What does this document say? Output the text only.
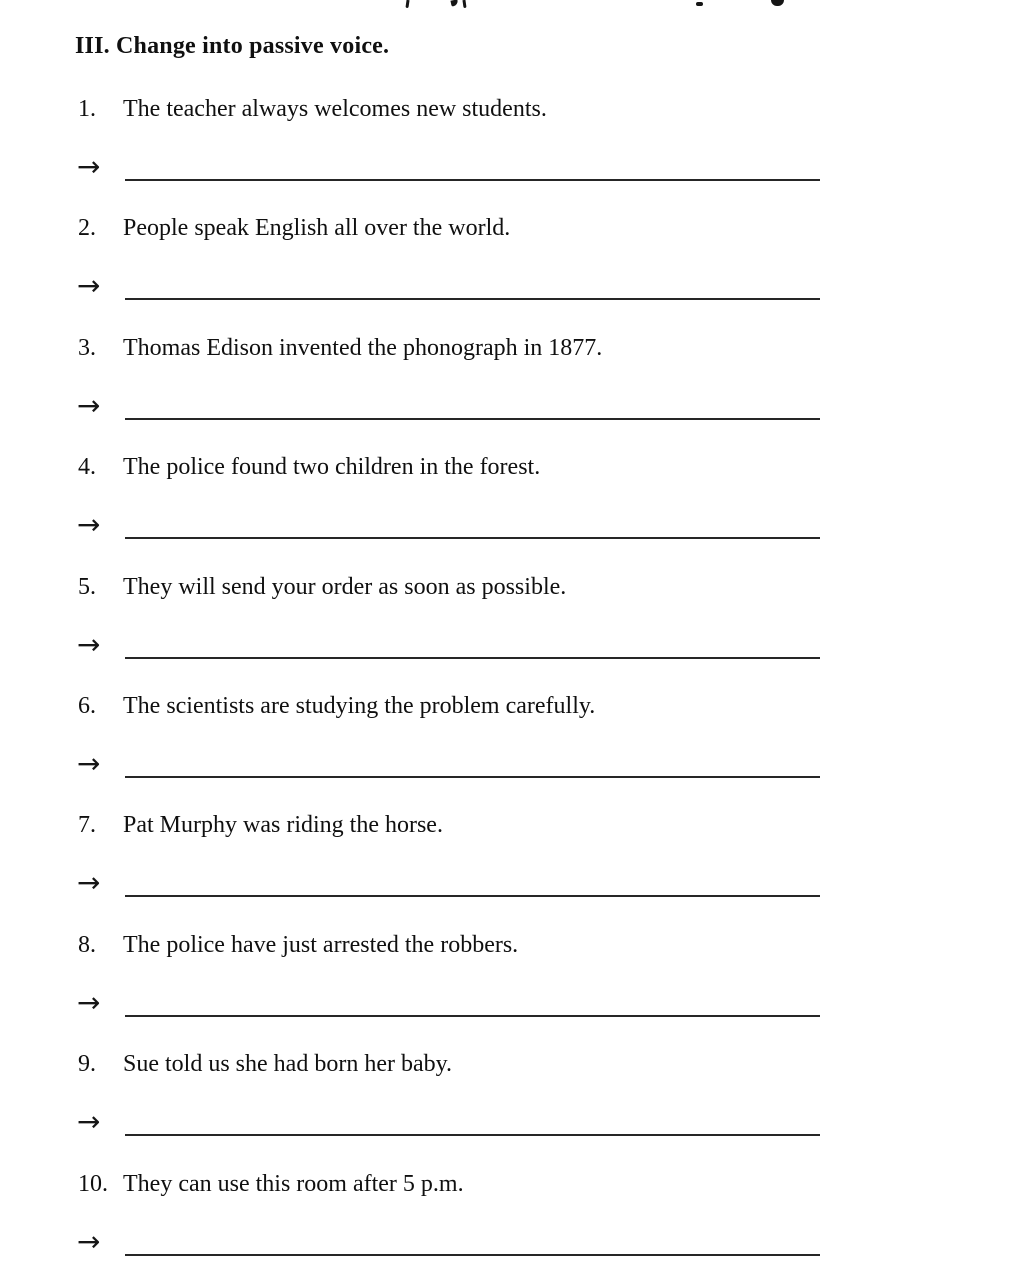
III. Change into passive voice.
1.	The teacher always welcomes new students.
→
2.	People speak English all over the world.
→
3.	Thomas Edison invented the phonograph in 1877.
→
4.	The police found two children in the forest.
→
5.	They will send your order as soon as possible.
→
6.	The scientists are studying the problem carefully.
→
7.	Pat Murphy was riding the horse.
→
8.	The police have just arrested the robbers.
→
9.	Sue told us she had born her baby.
→
10. They can use this room after 5 p.m.
→
